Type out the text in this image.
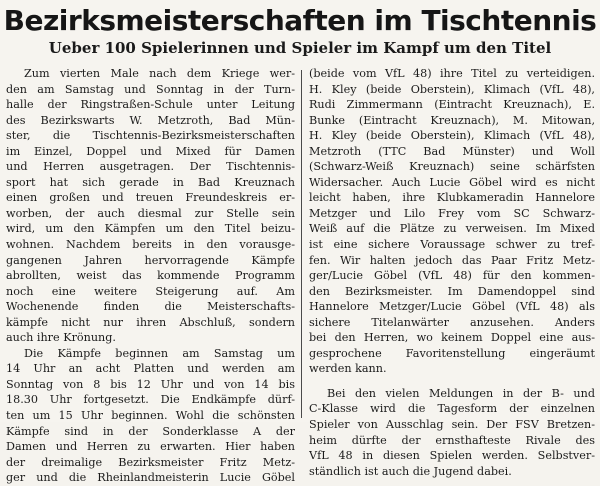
Bezirksmeisterschaften im Tischtennis
Ueber 100 Spielerinnen und Spieler im Kampf um den Titel
Zum vierten Male nach dem Kriege wer-
den am Samstag und Sonntag in der Turn-
halle der Ringstraßen-Schule unter Leitung
des Bezirkswarts W. Metzroth, Bad Mün-
ster, die Tischtennis-Bezirksmeisterschaften
im Einzel, Doppel und Mixed für Damen
und Herren ausgetragen. Der Tischtennis-
sport hat sich gerade in Bad Kreuznach
einen großen und treuen Freundeskreis er-
worben, der auch diesmal zur Stelle sein
wird, um den Kämpfen um den Titel beizu-
wohnen. Nachdem bereits in den vorausge-
gangenen Jahren hervorragende Kämpfe
abrollten, weist das kommende Programm
noch eine weitere Steigerung auf. Am
Wochenende finden die Meisterschafts-
kämpfe nicht nur ihren Abschluß, sondern
auch ihre Krönung.
Die Kämpfe beginnen am Samstag um
14 Uhr an acht Platten und werden am
Sonntag von 8 bis 12 Uhr und von 14 bis
18.30 Uhr fortgesetzt. Die Endkämpfe dürf-
ten um 15 Uhr beginnen. Wohl die schönsten
Kämpfe sind in der Sonderklasse A der
Damen und Herren zu erwarten. Hier haben
der dreimalige Bezirksmeister Fritz Metz-
ger und die Rheinlandmeisterin Lucie Göbel
(beide vom VfL 48) ihre Titel zu verteidigen.
H. Kley (beide Oberstein), Klimach (VfL 48),
Rudi Zimmermann (Eintracht Kreuznach), E.
Bunke (Eintracht Kreuznach), M. Mitowan,
H. Kley (beide Oberstein), Klimach (VfL 48),
Metzroth (TTC Bad Münster) und Woll
(Schwarz-Weiß Kreuznach) seine schärfsten
Widersacher. Auch Lucie Göbel wird es nicht
leicht haben, ihre Klubkameradin Hannelore
Metzger und Lilo Frey vom SC Schwarz-
Weiß auf die Plätze zu verweisen. Im Mixed
ist eine sichere Voraussage schwer zu tref-
fen. Wir halten jedoch das Paar Fritz Metz-
ger/Lucie Göbel (VfL 48) für den kommen-
den Bezirksmeister. Im Damendoppel sind
Hannelore Metzger/Lucie Göbel (VfL 48) als
sichere Titelanwärter anzusehen. Anders
bei den Herren, wo keinem Doppel eine aus-
gesprochene Favoritenstellung eingeräumt
werden kann.
Bei den vielen Meldungen in der B- und
C-Klasse wird die Tagesform der einzelnen
Spieler von Ausschlag sein. Der FSV Bretzen-
heim dürfte der ernsthafteste Rivale des
VfL 48 in diesen Spielen werden. Selbstver-
ständlich ist auch die Jugend dabei.
